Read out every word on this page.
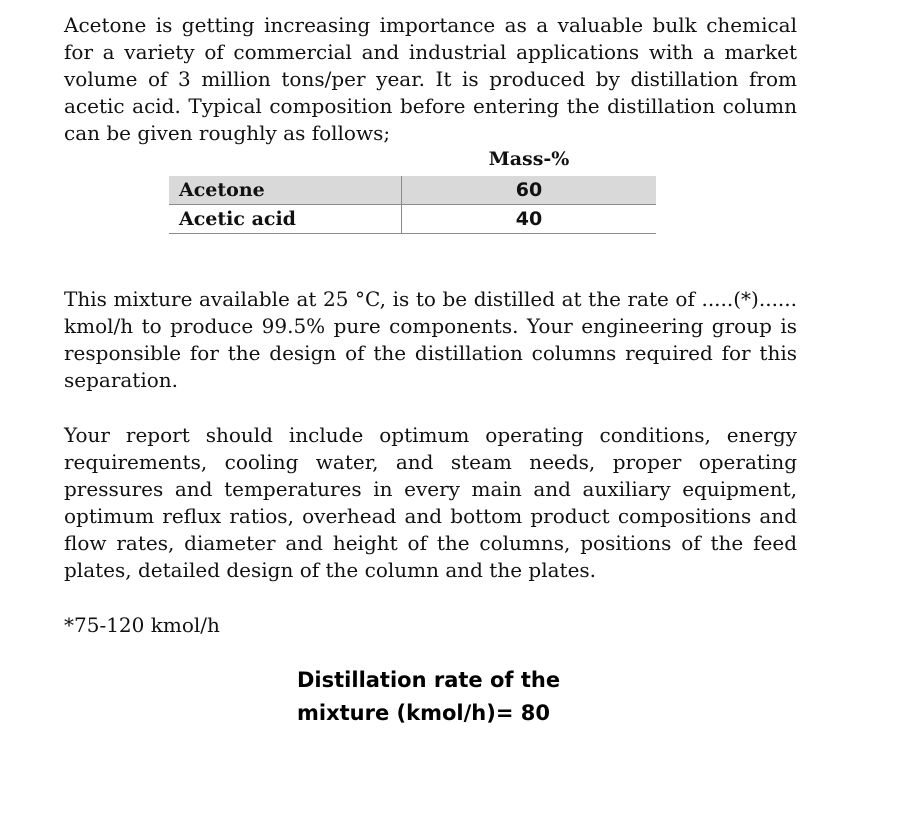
Acetone is getting increasing importance as a valuable bulk chemical for a variety of commercial and industrial applications with a market volume of 3 million tons/per year. It is produced by distillation from acetic acid. Typical composition before entering the distillation column can be given roughly as follows;

Mass-%
Acetone	60
Acetic acid	40

This mixture available at 25 °C, is to be distilled at the rate of .....(*)...... kmol/h to produce 99.5% pure components. Your engineering group is responsible for the design of the distillation columns required for this separation.

Your report should include optimum operating conditions, energy requirements, cooling water, and steam needs, proper operating pressures and temperatures in every main and auxiliary equipment, optimum reflux ratios, overhead and bottom product compositions and flow rates, diameter and height of the columns, positions of the feed plates, detailed design of the column and the plates.

*75-120 kmol/h
Distillation rate of the
mixture (kmol/h)= 80
